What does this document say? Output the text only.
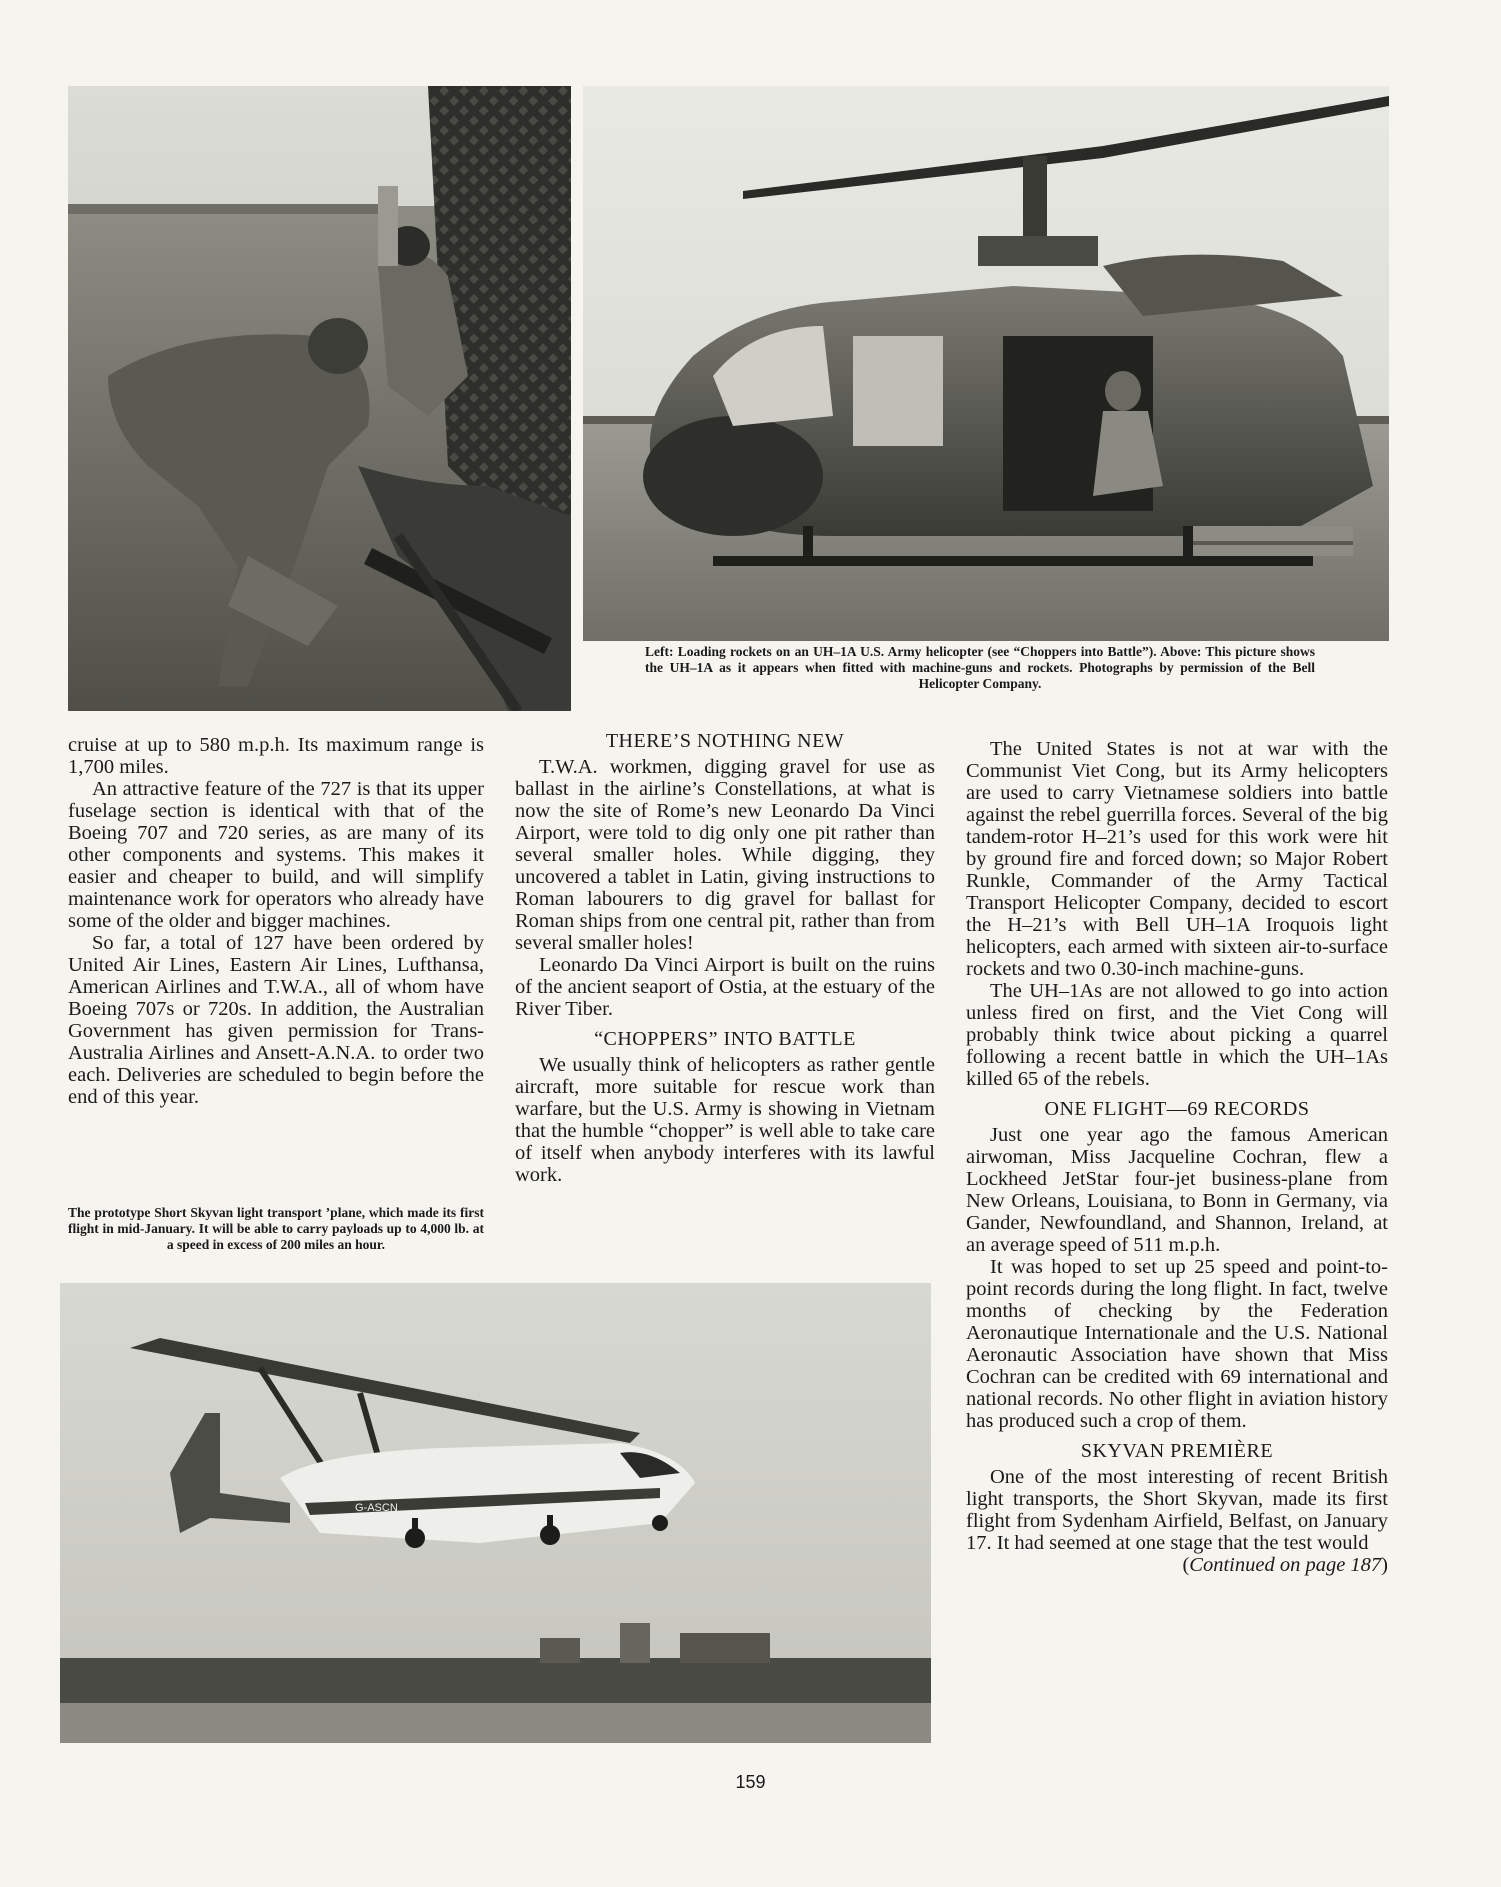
Left: Loading rockets on an UH–1A U.S. Army helicopter (see “Choppers into Battle”). Above: This picture shows the UH–1A as it appears when fitted with machine-guns and rockets. Photographs by permission of the Bell Helicopter Company.

cruise at up to 580 m.p.h. Its maximum range is 1,700 miles.

An attractive feature of the 727 is that its upper fuselage section is identical with that of the Boeing 707 and 720 series, as are many of its other components and systems. This makes it easier and cheaper to build, and will simplify maintenance work for operators who already have some of the older and bigger machines.

So far, a total of 127 have been ordered by United Air Lines, Eastern Air Lines, Lufthansa, American Airlines and T.W.A., all of whom have Boeing 707s or 720s. In addition, the Australian Government has given permission for Trans-Australia Airlines and Ansett-A.N.A. to order two each. Deliveries are scheduled to begin before the end of this year.

The prototype Short Skyvan light transport ’plane, which made its first flight in mid-January. It will be able to carry payloads up to 4,000 lb. at a speed in excess of 200 miles an hour.
THERE’S NOTHING NEW

T.W.A. workmen, digging gravel for use as ballast in the airline’s Constellations, at what is now the site of Rome’s new Leonardo Da Vinci Airport, were told to dig only one pit rather than several smaller holes. While digging, they uncovered a tablet in Latin, giving instructions to Roman labourers to dig gravel for ballast for Roman ships from one central pit, rather than from several smaller holes!

Leonardo Da Vinci Airport is built on the ruins of the ancient seaport of Ostia, at the estuary of the River Tiber.

“CHOPPERS” INTO BATTLE

We usually think of helicopters as rather gentle aircraft, more suitable for rescue work than warfare, but the U.S. Army is showing in Vietnam that the humble “chopper” is well able to take care of itself when anybody interferes with its lawful work.

The United States is not at war with the Communist Viet Cong, but its Army helicopters are used to carry Vietnamese soldiers into battle against the rebel guerrilla forces. Several of the big tandem-rotor H–21’s used for this work were hit by ground fire and forced down; so Major Robert Runkle, Commander of the Army Tactical Transport Helicopter Company, decided to escort the H–21’s with Bell UH–1A Iroquois light helicopters, each armed with sixteen air-to-surface rockets and two 0.30-inch machine-guns.

The UH–1As are not allowed to go into action unless fired on first, and the Viet Cong will probably think twice about picking a quarrel following a recent battle in which the UH–1As killed 65 of the rebels.

ONE FLIGHT—69 RECORDS

Just one year ago the famous American airwoman, Miss Jacqueline Cochran, flew a Lockheed JetStar four-jet business-plane from New Orleans, Louisiana, to Bonn in Germany, via Gander, Newfoundland, and Shannon, Ireland, at an average speed of 511 m.p.h.

It was hoped to set up 25 speed and point-to-point records during the long flight. In fact, twelve months of checking by the Federation Aeronautique Internationale and the U.S. National Aeronautic Association have shown that Miss Cochran can be credited with 69 international and national records. No other flight in aviation history has produced such a crop of them.

SKYVAN PREMIÈRE

One of the most interesting of recent British light transports, the Short Skyvan, made its first flight from Sydenham Airfield, Belfast, on January 17. It had seemed at one stage that the test would

(Continued on page 187)
G-ASCN
159
